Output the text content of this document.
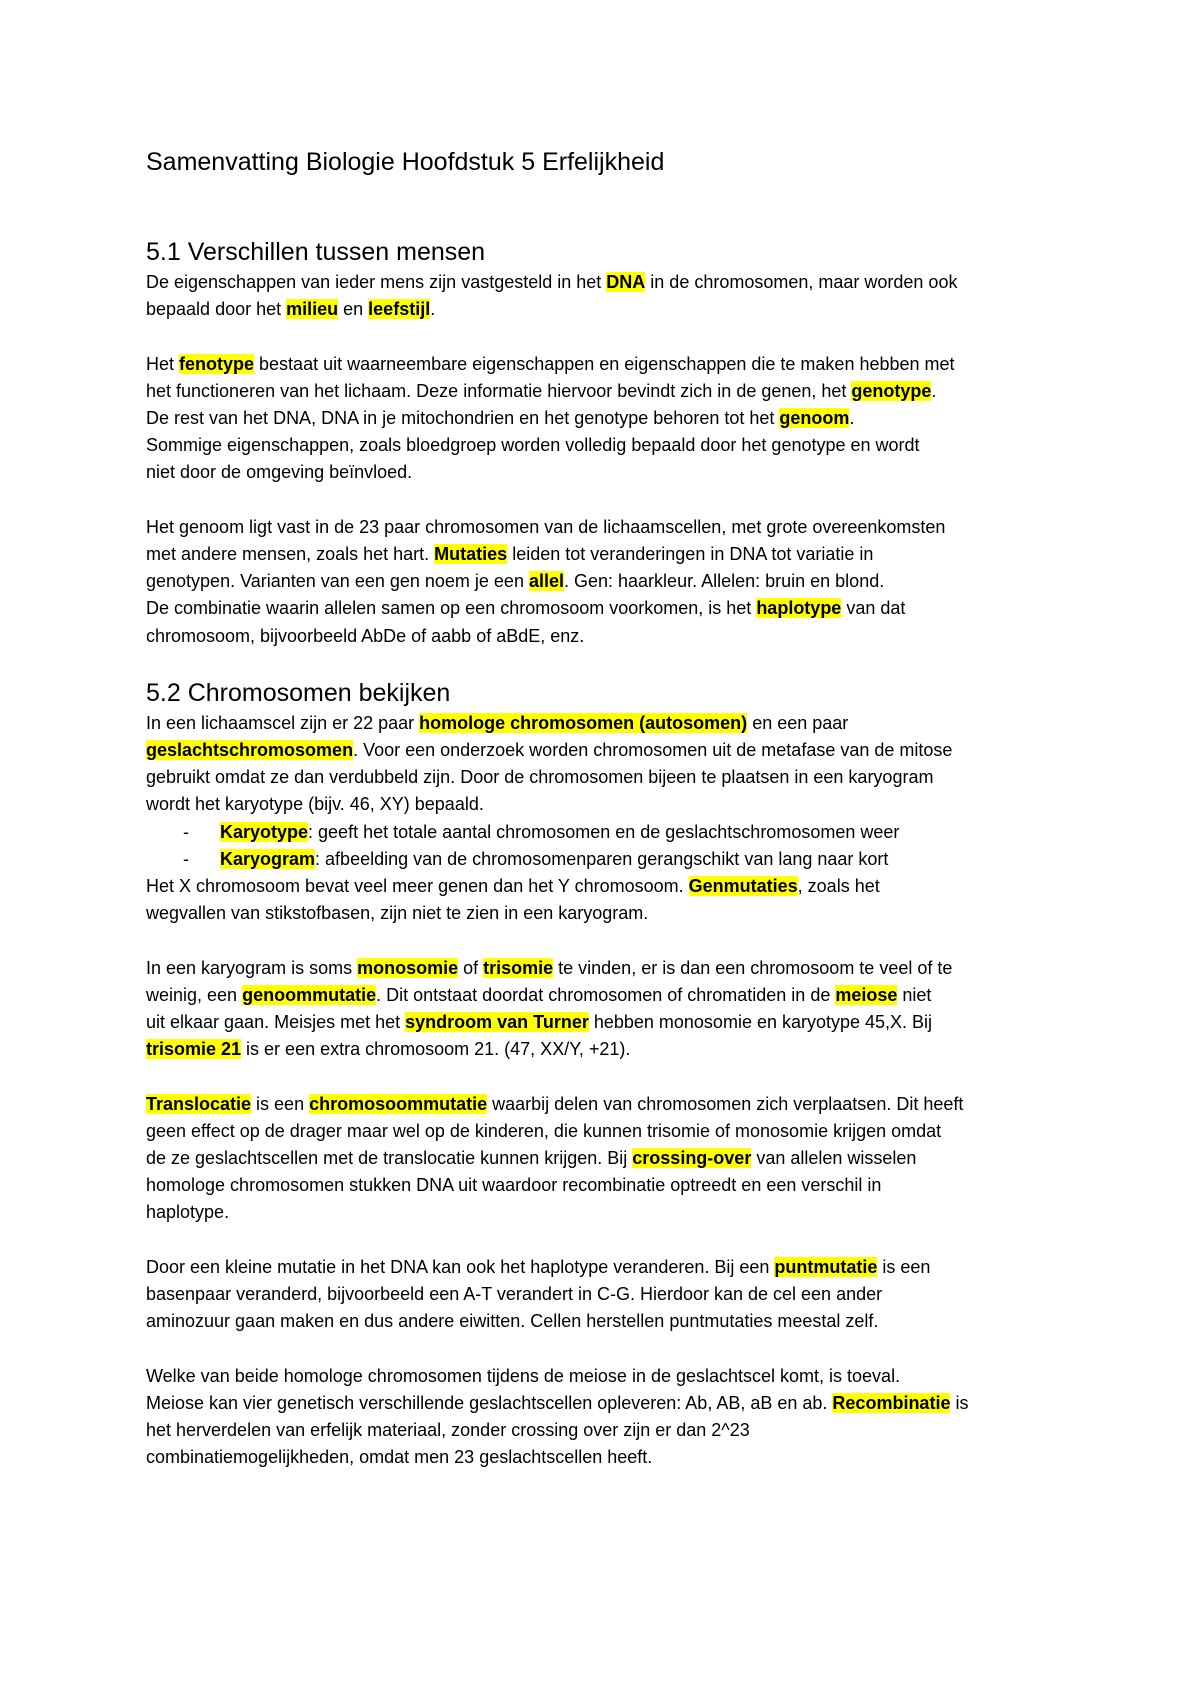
Samenvatting Biologie Hoofdstuk 5 Erfelijkheid
5.1 Verschillen tussen mensen

De eigenschappen van ieder mens zijn vastgesteld in het DNA in de chromosomen, maar worden ook
bepaald door het milieu en leefstijl.

Het fenotype bestaat uit waarneembare eigenschappen en eigenschappen die te maken hebben met
het functioneren van het lichaam. Deze informatie hiervoor bevindt zich in de genen, het genotype.
De rest van het DNA, DNA in je mitochondrien en het genotype behoren tot het genoom.
Sommige eigenschappen, zoals bloedgroep worden volledig bepaald door het genotype en wordt
niet door de omgeving beïnvloed.

Het genoom ligt vast in de 23 paar chromosomen van de lichaamscellen, met grote overeenkomsten
met andere mensen, zoals het hart. Mutaties leiden tot veranderingen in DNA tot variatie in
genotypen. Varianten van een gen noem je een allel. Gen: haarkleur. Allelen: bruin en blond.
De combinatie waarin allelen samen op een chromosoom voorkomen, is het haplotype van dat
chromosoom, bijvoorbeeld AbDe of aabb of aBdE, enz.

5.2 Chromosomen bekijken

In een lichaamscel zijn er 22 paar homologe chromosomen (autosomen) en een paar
geslachtschromosomen. Voor een onderzoek worden chromosomen uit de metafase van de mitose
gebruikt omdat ze dan verdubbeld zijn. Door de chromosomen bijeen te plaatsen in een karyogram
wordt het karyotype (bijv. 46, XY) bepaald.

- Karyotype: geeft het totale aantal chromosomen en de geslachtschromosomen weer
- Karyogram: afbeelding van de chromosomenparen gerangschikt van lang naar kort

Het X chromosoom bevat veel meer genen dan het Y chromosoom. Genmutaties, zoals het
wegvallen van stikstofbasen, zijn niet te zien in een karyogram.

In een karyogram is soms monosomie of trisomie te vinden, er is dan een chromosoom te veel of te
weinig, een genoommutatie. Dit ontstaat doordat chromosomen of chromatiden in de meiose niet
uit elkaar gaan. Meisjes met het syndroom van Turner hebben monosomie en karyotype 45,X. Bij
trisomie 21 is er een extra chromosoom 21. (47, XX/Y, +21).

Translocatie is een chromosoommutatie waarbij delen van chromosomen zich verplaatsen. Dit heeft
geen effect op de drager maar wel op de kinderen, die kunnen trisomie of monosomie krijgen omdat
de ze geslachtscellen met de translocatie kunnen krijgen. Bij crossing-over van allelen wisselen
homologe chromosomen stukken DNA uit waardoor recombinatie optreedt en een verschil in
haplotype.

Door een kleine mutatie in het DNA kan ook het haplotype veranderen. Bij een puntmutatie is een
basenpaar veranderd, bijvoorbeeld een A-T verandert in C-G. Hierdoor kan de cel een ander
aminozuur gaan maken en dus andere eiwitten. Cellen herstellen puntmutaties meestal zelf.

Welke van beide homologe chromosomen tijdens de meiose in de geslachtscel komt, is toeval.
Meiose kan vier genetisch verschillende geslachtscellen opleveren: Ab, AB, aB en ab. Recombinatie is
het herverdelen van erfelijk materiaal, zonder crossing over zijn er dan 2^23
combinatiemogelijkheden, omdat men 23 geslachtscellen heeft.
